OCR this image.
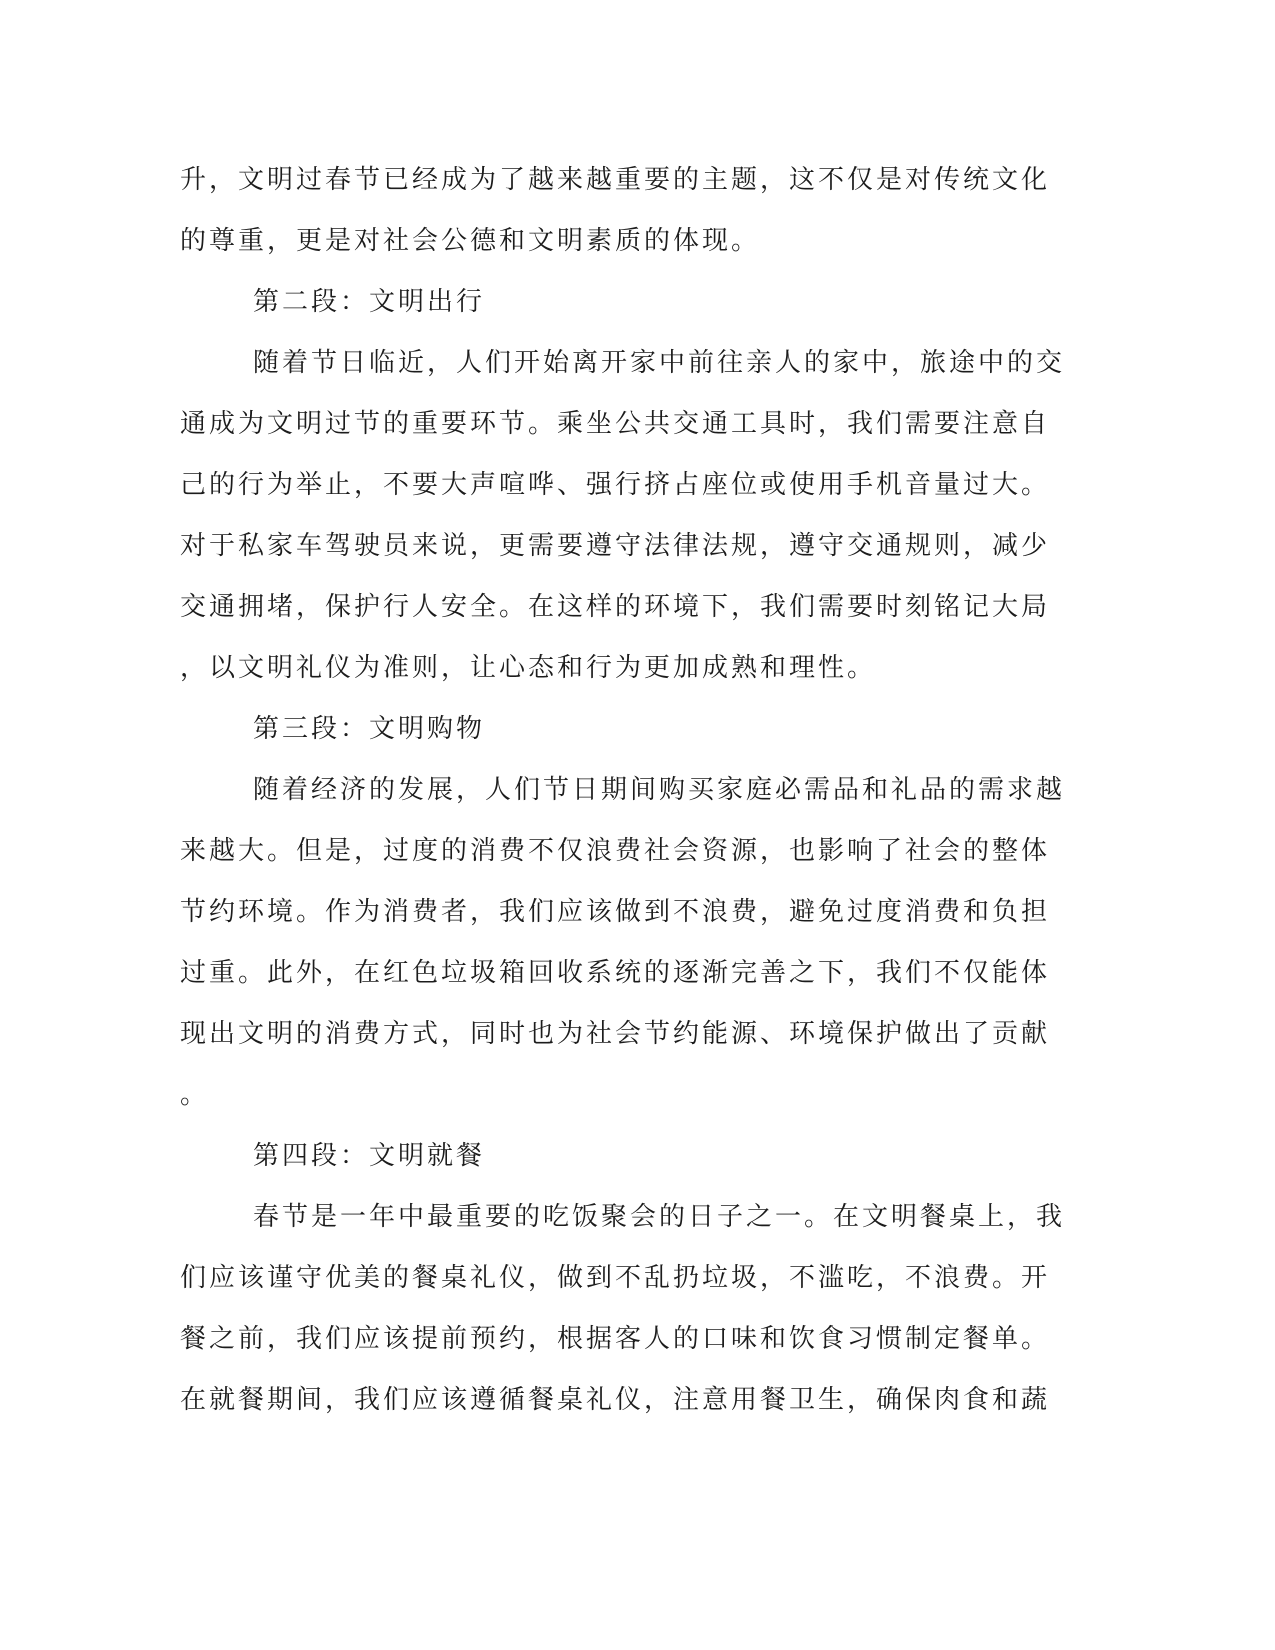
升，文明过春节已经成为了越来越重要的主题，这不仅是对传统文化
的尊重，更是对社会公德和文明素质的体现。
第二段：文明出行
随着节日临近，人们开始离开家中前往亲人的家中，旅途中的交
通成为文明过节的重要环节。乘坐公共交通工具时，我们需要注意自
己的行为举止，不要大声喧哗、强行挤占座位或使用手机音量过大。
对于私家车驾驶员来说，更需要遵守法律法规，遵守交通规则，减少
交通拥堵，保护行人安全。在这样的环境下，我们需要时刻铭记大局
，以文明礼仪为准则，让心态和行为更加成熟和理性。
第三段：文明购物
随着经济的发展，人们节日期间购买家庭必需品和礼品的需求越
来越大。但是，过度的消费不仅浪费社会资源，也影响了社会的整体
节约环境。作为消费者，我们应该做到不浪费，避免过度消费和负担
过重。此外，在红色垃圾箱回收系统的逐渐完善之下，我们不仅能体
现出文明的消费方式，同时也为社会节约能源、环境保护做出了贡献
。
第四段：文明就餐
春节是一年中最重要的吃饭聚会的日子之一。在文明餐桌上，我
们应该谨守优美的餐桌礼仪，做到不乱扔垃圾，不滥吃，不浪费。开
餐之前，我们应该提前预约，根据客人的口味和饮食习惯制定餐单。
在就餐期间，我们应该遵循餐桌礼仪，注意用餐卫生，确保肉食和蔬
